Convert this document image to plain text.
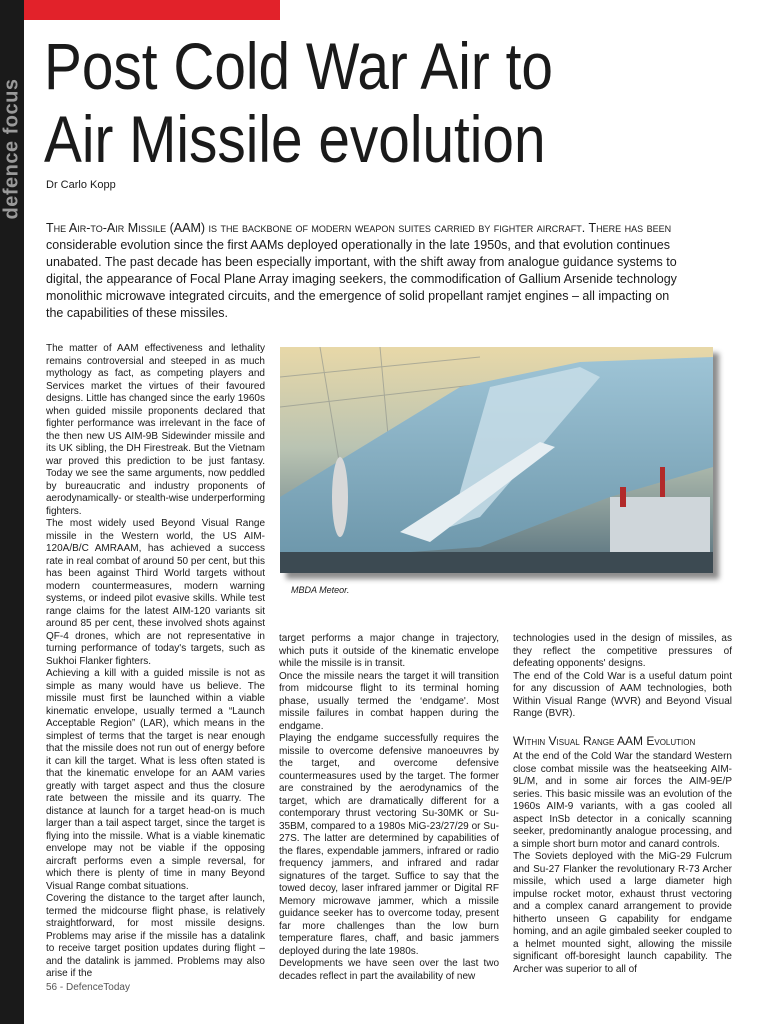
defence focus
Post Cold War Air to
Air Missile evolution
Dr Carlo Kopp
The Air-to-Air Missile (AAM) is the backbone of modern weapon suites carried by fighter aircraft. There has been considerable evolution since the first AAMs deployed operationally in the late 1950s, and that evolution continues unabated. The past decade has been especially important, with the shift away from analogue guidance systems to digital, the appearance of Focal Plane Array imaging seekers, the commodification of Gallium Arsenide technology monolithic microwave integrated circuits, and the emergence of solid propellant ramjet engines – all impacting on the capabilities of these missiles.

The matter of AAM effectiveness and lethality remains controversial and steeped in as much mythology as fact, as competing players and Services market the virtues of their favoured designs. Little has changed since the early 1960s when guided missile proponents declared that fighter performance was irrelevant in the face of the then new US AIM-9B Sidewinder missile and its UK sibling, the DH Firestreak. But the Vietnam war proved this prediction to be just fantasy. Today we see the same arguments, now peddled by bureaucratic and industry proponents of aerodynamically- or stealth-wise underperforming fighters.

The most widely used Beyond Visual Range missile in the Western world, the US AIM-120A/B/C AMRAAM, has achieved a success rate in real combat of around 50 per cent, but this has been against Third World targets without modern countermeasures, modern warning systems, or indeed pilot evasive skills. While test range claims for the latest AIM-120 variants sit around 85 per cent, these involved shots against QF-4 drones, which are not representative in turning performance of today's targets, such as Sukhoi Flanker fighters.

Achieving a kill with a guided missile is not as simple as many would have us believe. The missile must first be launched within a viable kinematic envelope, usually termed a “Launch Acceptable Region” (LAR), which means in the simplest of terms that the target is near enough that the missile does not run out of energy before it can kill the target. What is less often stated is that the kinematic envelope for an AAM varies greatly with target aspect and thus the closure rate between the missile and its quarry. The distance at launch for a target head-on is much larger than a tail aspect target, since the target is flying into the missile. What is a viable kinematic envelope may not be viable if the opposing aircraft performs even a simple reversal, for which there is plenty of time in many Beyond Visual Range combat situations.

Covering the distance to the target after launch, termed the midcourse flight phase, is relatively straightforward, for most missile designs. Problems may arise if the missile has a datalink to receive target position updates during flight – and the datalink is jammed. Problems may also arise if the

MBDA Meteor.

target performs a major change in trajectory, which puts it outside of the kinematic envelope while the missile is in transit.

Once the missile nears the target it will transition from midcourse flight to its terminal homing phase, usually termed the ‘endgame'. Most missile failures in combat happen during the endgame.

Playing the endgame successfully requires the missile to overcome defensive manoeuvres by the target, and overcome defensive countermeasures used by the target. The former are constrained by the aerodynamics of the target, which are dramatically different for a contemporary thrust vectoring Su-30MK or Su-35BM, compared to a 1980s MiG-23/27/29 or Su-27S. The latter are determined by capabilities of the flares, expendable jammers, infrared or radio frequency jammers, and infrared and radar signatures of the target. Suffice to say that the towed decoy, laser infrared jammer or Digital RF Memory microwave jammer, which a missile guidance seeker has to overcome today, present far more challenges than the low burn temperature flares, chaff, and basic jammers deployed during the late 1980s.

Developments we have seen over the last two decades reflect in part the availability of new

technologies used in the design of missiles, as they reflect the competitive pressures of defeating opponents' designs.

The end of the Cold War is a useful datum point for any discussion of AAM technologies, both Within Visual Range (WVR) and Beyond Visual Range (BVR).

Within Visual Range AAM Evolution

At the end of the Cold War the standard Western close combat missile was the heatseeking AIM-9L/M, and in some air forces the AIM-9E/P series. This basic missile was an evolution of the 1960s AIM-9 variants, with a gas cooled all aspect InSb detector in a conically scanning seeker, predominantly analogue processing, and a simple short burn motor and canard controls.

The Soviets deployed with the MiG-29 Fulcrum and Su-27 Flanker the revolutionary R-73 Archer missile, which used a large diameter high impulse rocket motor, exhaust thrust vectoring and a complex canard arrangement to provide hitherto unseen G capability for endgame homing, and an agile gimbaled seeker coupled to a helmet mounted sight, allowing the missile significant off-boresight launch capability. The Archer was superior to all of

56 - DefenceToday
